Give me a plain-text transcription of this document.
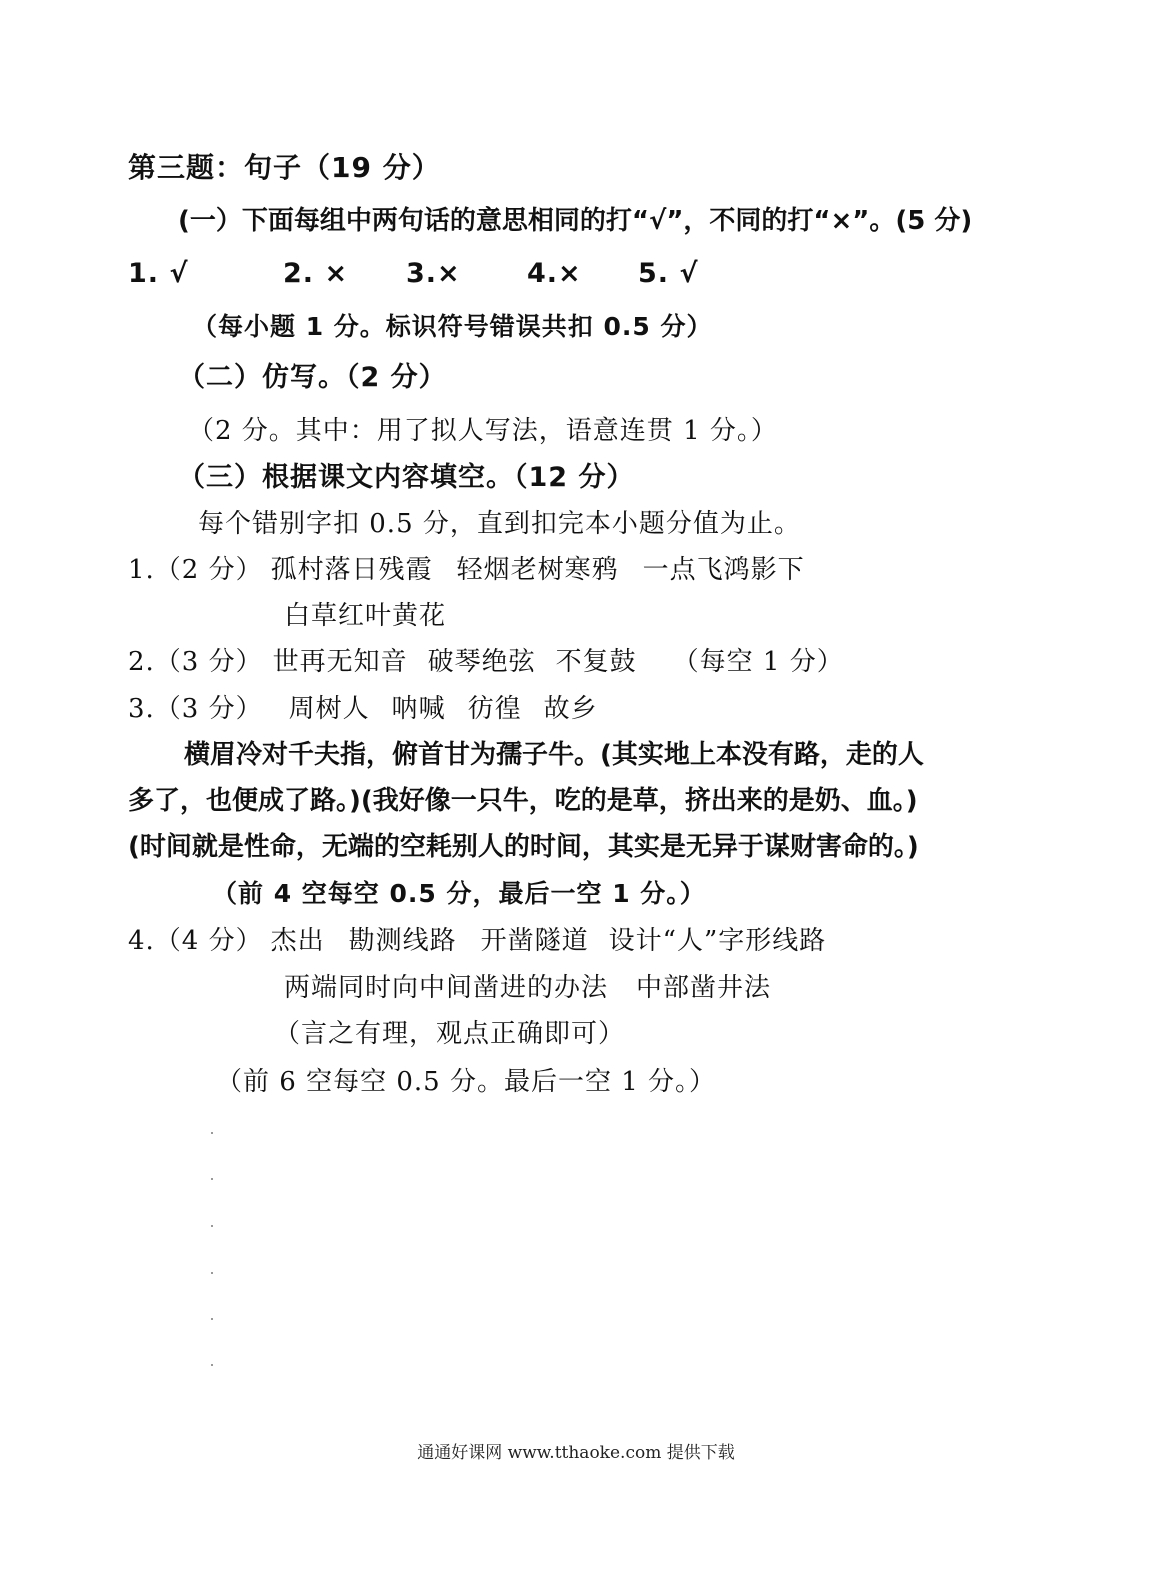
第三题：句子（19 分）
(一）下面每组中两句话的意思相同的打“√”，不同的打“×”。(5 分)
1. √	2. × 3.× 4.× 5. √
（每小题 1 分。标识符号错误共扣 0.5 分）
（二）仿写。（2 分）
（2 分。其中：用了拟人写法，语意连贯 1 分。）
（三）根据课文内容填空。（12 分）
每个错别字扣 0.5 分，直到扣完本小题分值为止。
1.（2 分） 孤村落日残霞 轻烟老树寒鸦 一点飞鸿影下
白草红叶黄花
2.（3 分） 世再无知音 破琴绝弦 不复鼓 （每空 1 分）
3.（3 分） 周树人 呐喊 彷徨 故乡
横眉冷对千夫指，俯首甘为孺子牛。(其实地上本没有路，走的人
多了，也便成了路。)(我好像一只牛，吃的是草，挤出来的是奶、血。)
(时间就是性命，无端的空耗别人的时间，其实是无异于谋财害命的。)
（前 4 空每空 0.5 分，最后一空 1 分。）
4.（4 分） 杰出 勘测线路 开凿隧道 设计“人”字形线路
两端同时向中间凿进的办法 中部凿井法
（言之有理，观点正确即可）
（前 6 空每空 0.5 分。最后一空 1 分。）
通通好课网 www.tthaoke.com 提供下载
